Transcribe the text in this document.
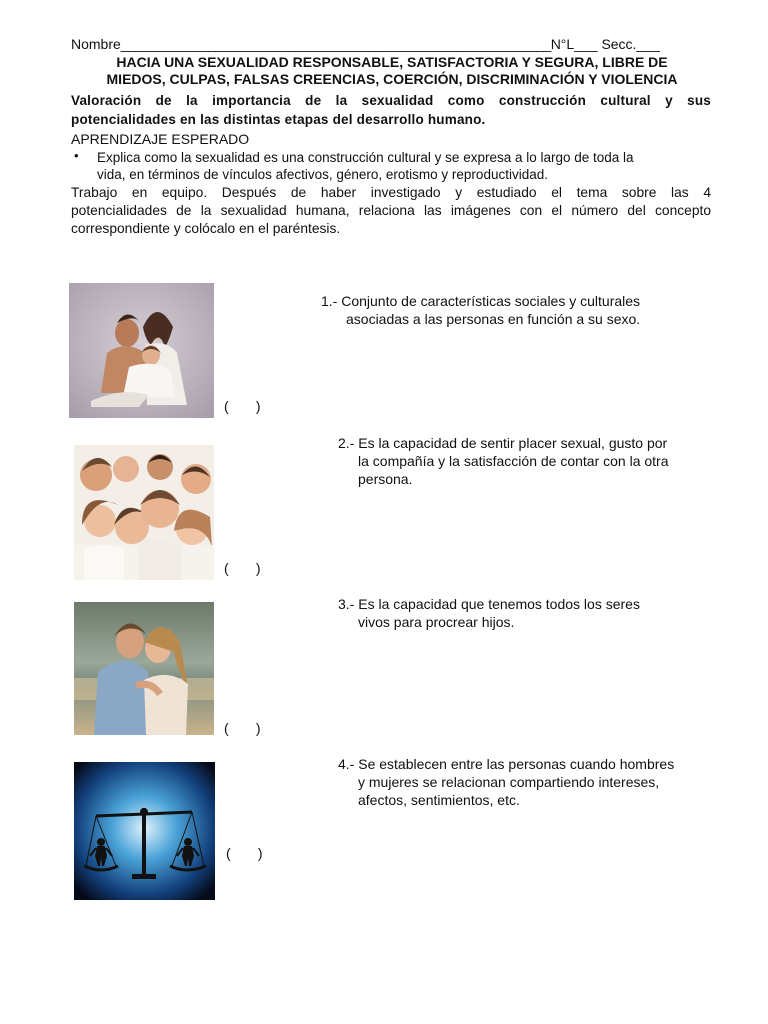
Nombre___________________________________________________________N°L___ Secc.___
HACIA UNA SEXUALIDAD RESPONSABLE, SATISFACTORIA Y SEGURA, LIBRE DE
MIEDOS, CULPAS, FALSAS CREENCIAS, COERCIÓN, DISCRIMINACIÓN Y VIOLENCIA
Valoración de la importancia de la sexualidad como construcción cultural y sus
potencialidades en las distintas etapas del desarrollo humano.
APRENDIZAJE ESPERADO
• Explica como la sexualidad es una construcción cultural y se expresa a lo largo de toda la
vida, en términos de vínculos afectivos, género, erotismo y reproductividad.
Trabajo en equipo. Después de haber investigado y estudiado el tema sobre las 4
potencialidades de la sexualidad humana, relaciona las imágenes con el número del concepto
correspondiente y colócalo en el paréntesis.
(       )
1.- Conjunto de características sociales y culturales
asociadas a las personas en función a su sexo.
(       )
2.- Es la capacidad de sentir placer sexual, gusto por
la compañía y la satisfacción de contar con la otra
persona.
(       )
3.- Es la capacidad que tenemos todos los seres
vivos para procrear hijos.
(       )
4.- Se establecen entre las personas cuando hombres
y mujeres se relacionan compartiendo intereses,
afectos, sentimientos, etc.
